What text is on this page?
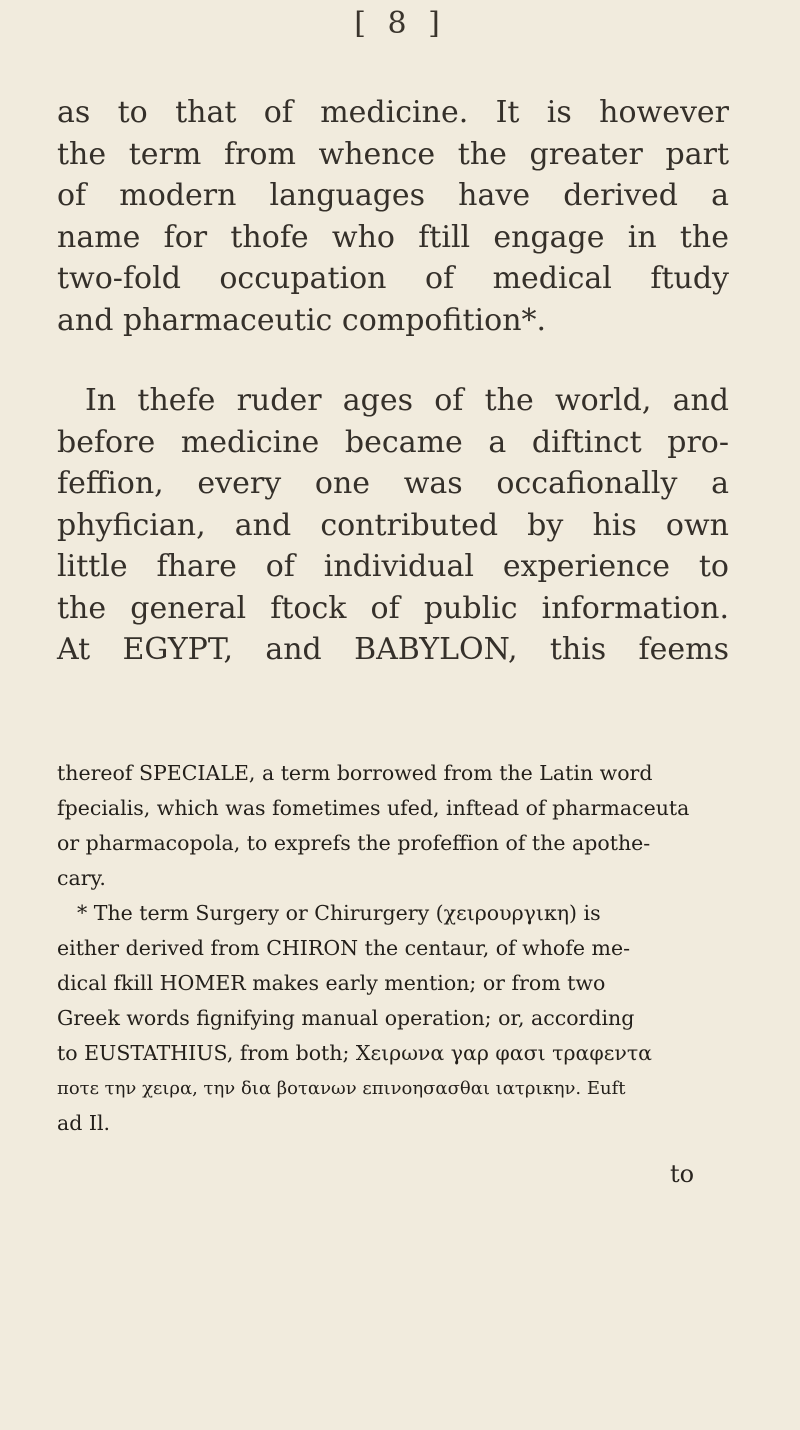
[ 8 ]
as to that of medicine. It is however
the term from whence the greater part
of modern languages have derived a
name for thofe who ftill engage in the
two-fold occupation of medical ftudy
and pharmaceutic compofition*.
In thefe ruder ages of the world, and
before medicine became a diftinct pro-
feffion, every one was occafionally a
phyfician, and contributed by his own
little fhare of individual experience to
the general ftock of public information.
At EGYPT, and BABYLON, this feems
thereof SPECIALE, a term borrowed from the Latin word
fpecialis, which was fometimes ufed, inftead of pharmaceuta
or pharmacopola, to exprefs the profeffion of the apothe-
cary.
* The term Surgery or Chirurgery (χειρουργικη) is
either derived from CHIRON the centaur, of whofe me-
dical fkill HOMER makes early mention; or from two
Greek words fignifying manual operation; or, according
to EUSTATHIUS, from both; Χειρωνα γαρ φασι τραφεντα
ποτε την χειρα, την δια βοτανων επινοησασθαι ιατρικην. Euft
ad Il.
to
